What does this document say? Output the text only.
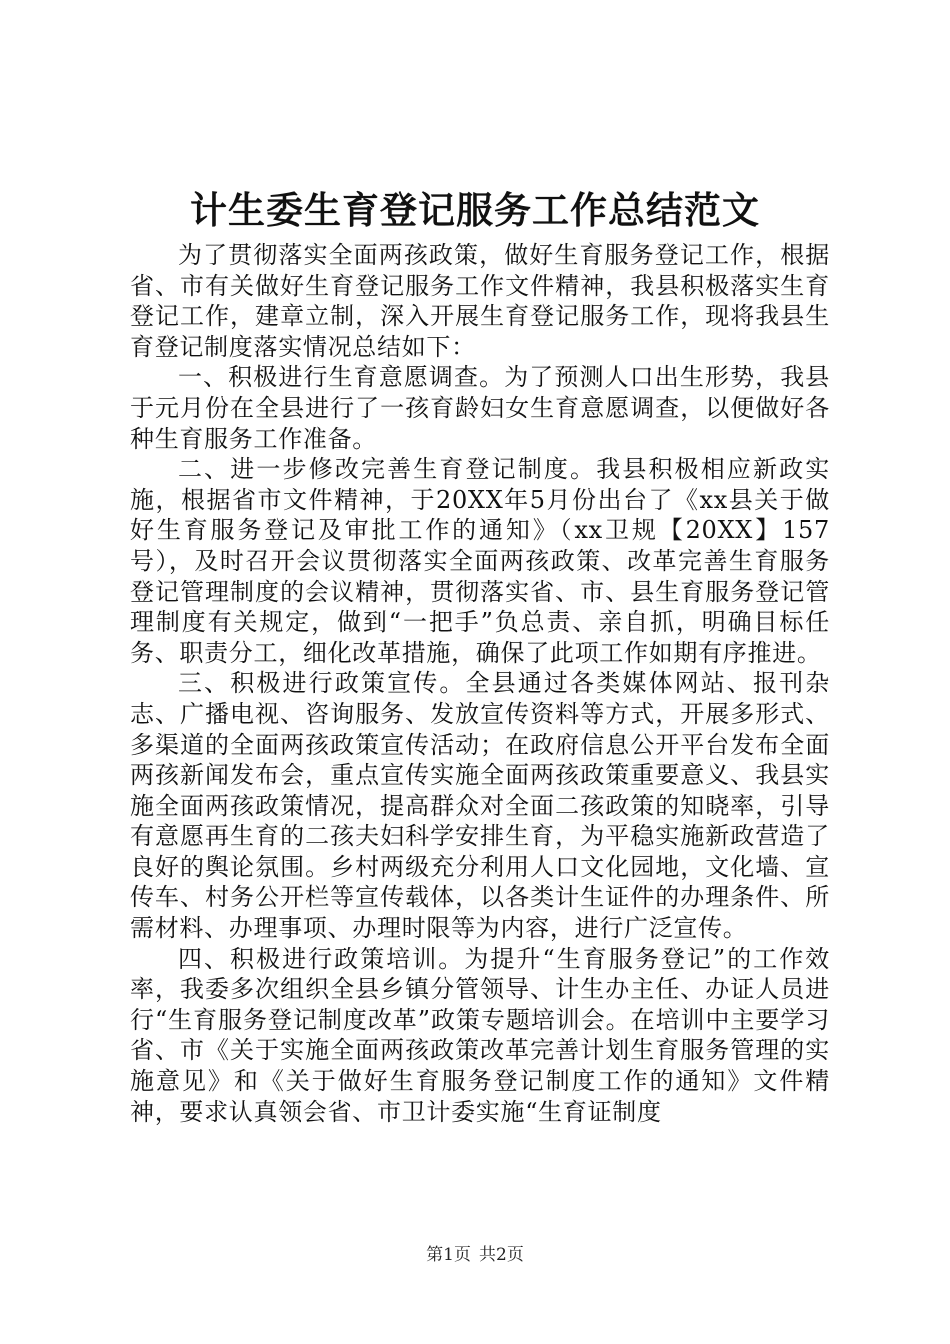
计生委生育登记服务工作总结范文

为了贯彻落实全面两孩政策，做好生育服务登记工作，根据省、市有关做好生育登记服务工作文件精神，我县积极落实生育登记工作，建章立制，深入开展生育登记服务工作，现将我县生育登记制度落实情况总结如下：

一、积极进行生育意愿调查。为了预测人口出生形势，我县于元月份在全县进行了一孩育龄妇女生育意愿调查，以便做好各种生育服务工作准备。

二、进一步修改完善生育登记制度。我县积极相应新政实施，根据省市文件精神，于20XX年5月份出台了《xx县关于做好生育服务登记及审批工作的通知》（xx卫规【20XX】157号），及时召开会议贯彻落实全面两孩政策、改革完善生育服务登记管理制度的会议精神，贯彻落实省、市、县生育服务登记管理制度有关规定，做到“一把手”负总责、亲自抓，明确目标任务、职责分工，细化改革措施，确保了此项工作如期有序推进。

三、积极进行政策宣传。全县通过各类媒体网站、报刊杂志、广播电视、咨询服务、发放宣传资料等方式，开展多形式、多渠道的全面两孩政策宣传活动；在政府信息公开平台发布全面两孩新闻发布会，重点宣传实施全面两孩政策重要意义、我县实施全面两孩政策情况，提高群众对全面二孩政策的知晓率，引导有意愿再生育的二孩夫妇科学安排生育，为平稳实施新政营造了良好的舆论氛围。乡村两级充分利用人口文化园地，文化墙、宣传车、村务公开栏等宣传载体，以各类计生证件的办理条件、所需材料、办理事项、办理时限等为内容，进行广泛宣传。

四、积极进行政策培训。为提升“生育服务登记”的工作效率，我委多次组织全县乡镇分管领导、计生办主任、办证人员进行“生育服务登记制度改革”政策专题培训会。在培训中主要学习省、市《关于实施全面两孩政策改革完善计划生育服务管理的实施意见》和《关于做好生育服务登记制度工作的通知》文件精神，要求认真领会省、市卫计委实施“生育证制度

第1页 共2页
